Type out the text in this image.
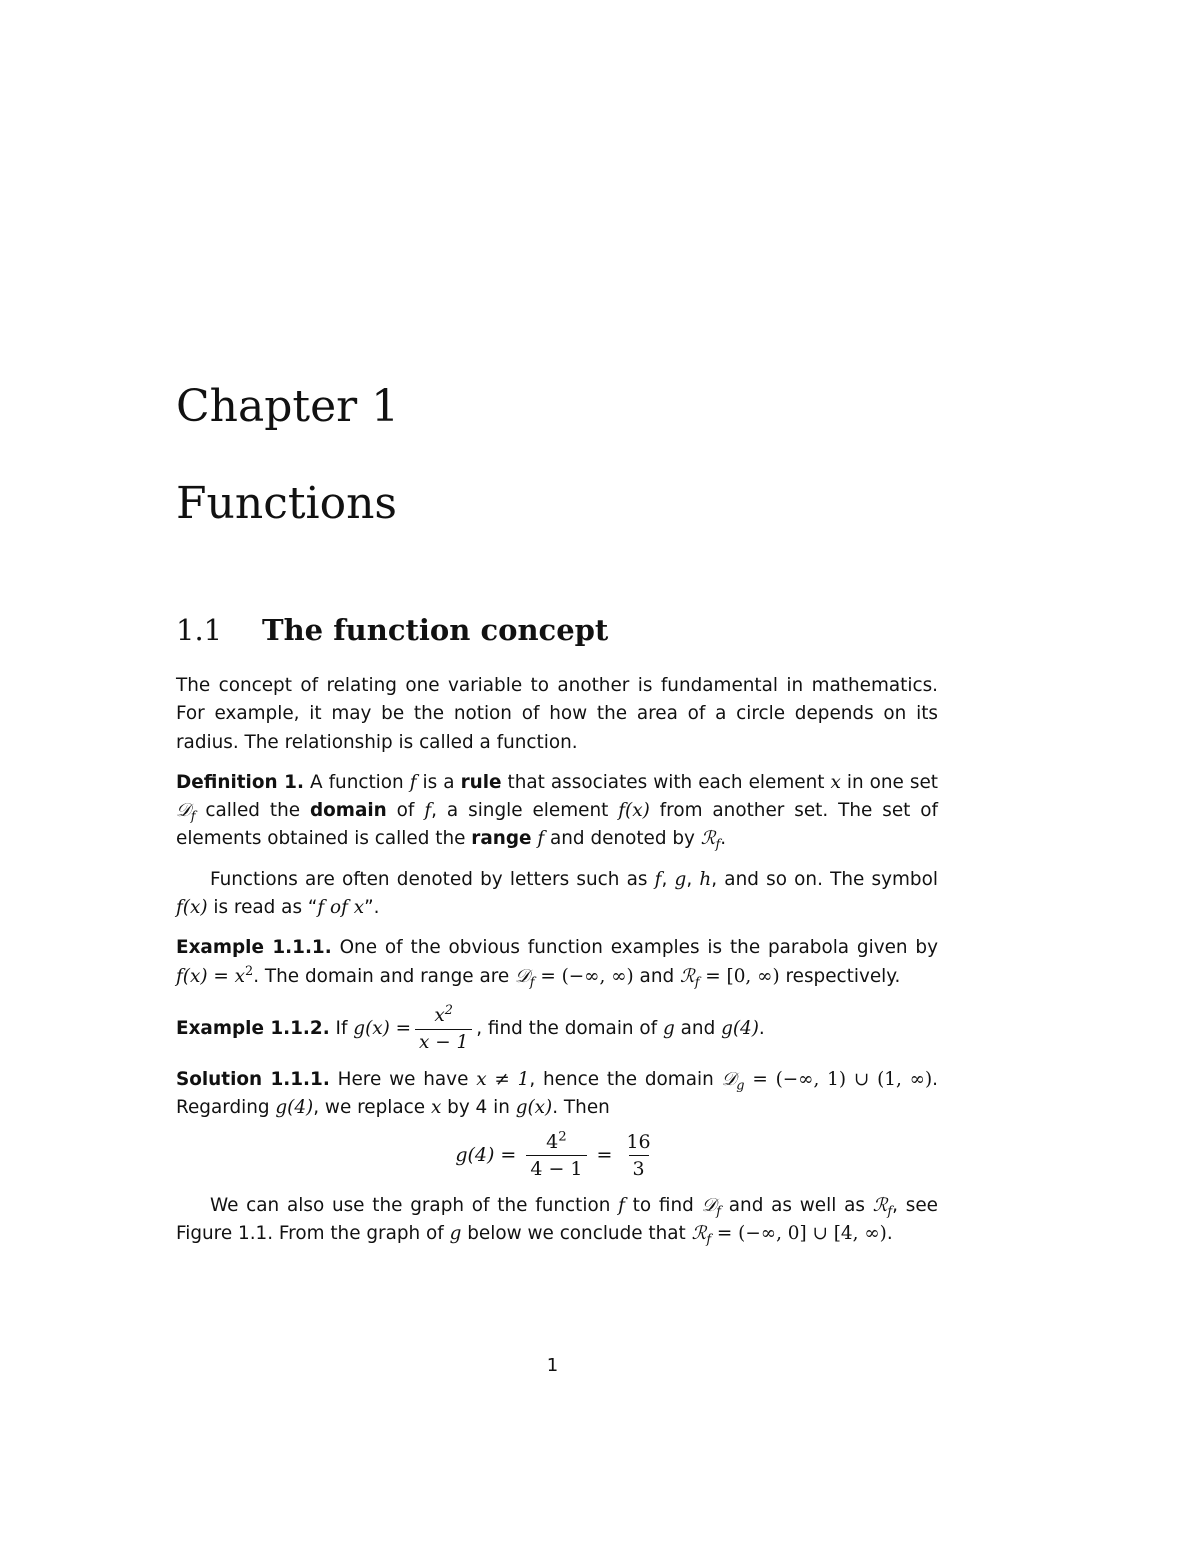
Chapter 1
Functions
1.1 The function concept

The concept of relating one variable to another is fundamental in mathematics. For example, it may be the notion of how the area of a circle depends on its radius. The relationship is called a function.

Definition 1. A function f is a rule that associates with each element x in one set 𝒟$_f$ called the domain of f, a single element f(x) from another set. The set of elements obtained is called the range f and denoted by ℛ$_f$.

Functions are often denoted by letters such as f, g, h, and so on. The symbol f(x) is read as “f of x”.

Example 1.1.1. One of the obvious function examples is the parabola given by $f(x) = x^2$. The domain and range are 𝒟$_f$ = (−∞, ∞) and ℛ$_f$ = [0, ∞) respectively.

Example 1.1.2. If $g(x) = \frac{x^2}{x - 1}$ , find the domain of g and g(4) .

Solution 1.1.1. Here we have x ≠ 1, hence the domain 𝒟$_g$ = (−∞, 1) ∪ (1, ∞). Regarding g(4), we replace x by 4 in g(x). Then

$g(4) = \frac{4^2}{4 - 1} = \frac{16}{3}$

We can also use the graph of the function f to find 𝒟$_f$ and as well as ℛ$_f$, see Figure 1.1. From the graph of g below we conclude that ℛ$_f$ = (−∞, 0] ∪ [4, ∞).

1
